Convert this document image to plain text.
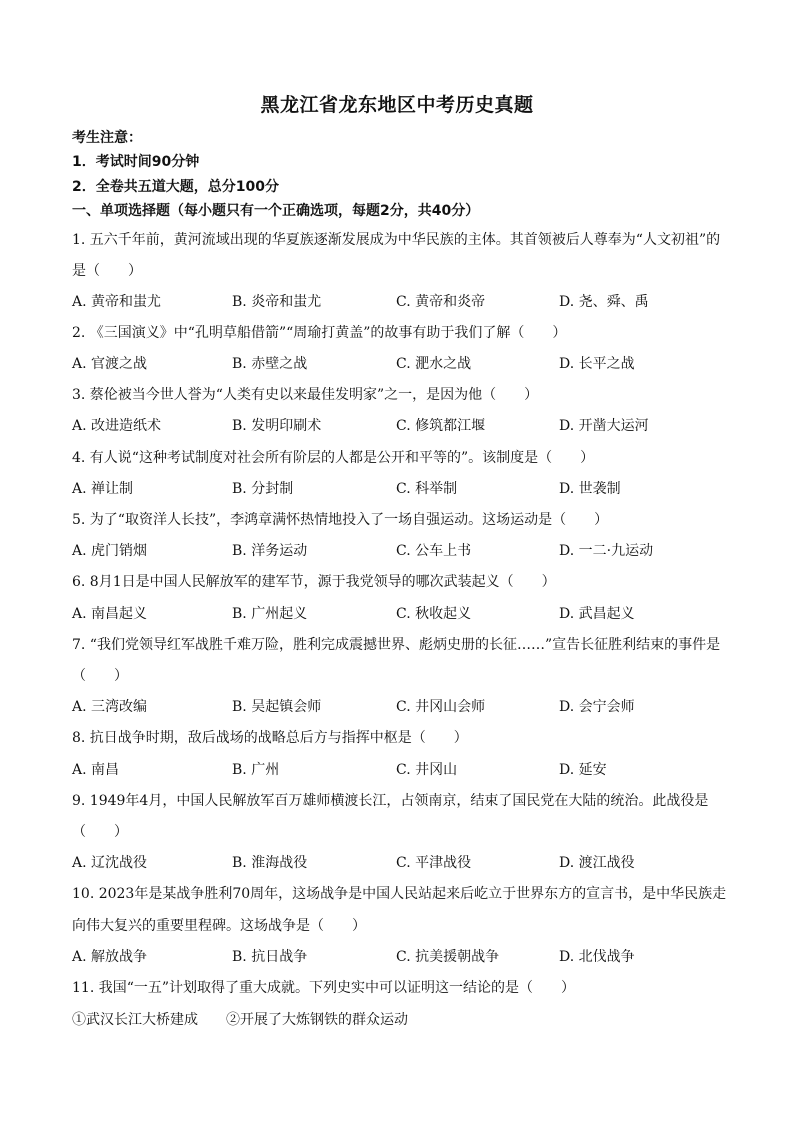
黑龙江省龙东地区中考历史真题
考生注意：
1．考试时间90分钟
2．全卷共五道大题，总分100分
一、单项选择题（每小题只有一个正确选项，每题2分，共40分）
1. 五六千年前，黄河流域出现的华夏族逐渐发展成为中华民族的主体。其首领被后人尊奉为“人文初祖”的
是（　　）
A. 黄帝和蚩尤	B. 炎帝和蚩尤	C. 黄帝和炎帝	D. 尧、舜、禹
2. 《三国演义》中“孔明草船借箭”“周瑜打黄盖”的故事有助于我们了解（　　）
A. 官渡之战	B. 赤壁之战	C. 淝水之战	D. 长平之战
3. 蔡伦被当今世人誉为“人类有史以来最佳发明家”之一，是因为他（　　）
A. 改进造纸术	B. 发明印刷术	C. 修筑都江堰	D. 开凿大运河
4. 有人说“这种考试制度对社会所有阶层的人都是公开和平等的”。该制度是（　　）
A. 禅让制	B. 分封制	C. 科举制	D. 世袭制
5. 为了“取资洋人长技”，李鸿章满怀热情地投入了一场自强运动。这场运动是（　　）
A. 虎门销烟	B. 洋务运动	C. 公车上书	D. 一二·九运动
6. 8月1日是中国人民解放军的建军节，源于我党领导的哪次武装起义（　　）
A. 南昌起义	B. 广州起义	C. 秋收起义	D. 武昌起义
7. “我们党领导红军战胜千难万险，胜利完成震撼世界、彪炳史册的长征……”宣告长征胜利结束的事件是
（　　）
A. 三湾改编	B. 吴起镇会师	C. 井冈山会师	D. 会宁会师
8. 抗日战争时期，敌后战场的战略总后方与指挥中枢是（　　）
A. 南昌	B. 广州	C. 井冈山	D. 延安
9. 1949年4月，中国人民解放军百万雄师横渡长江，占领南京，结束了国民党在大陆的统治。此战役是
（　　）
A. 辽沈战役	B. 淮海战役	C. 平津战役	D. 渡江战役
10. 2023年是某战争胜利70周年，这场战争是中国人民站起来后屹立于世界东方的宣言书，是中华民族走
向伟大复兴的重要里程碑。这场战争是（　　）
A. 解放战争	B. 抗日战争	C. 抗美援朝战争	D. 北伐战争
11. 我国“一五”计划取得了重大成就。下列史实中可以证明这一结论的是（　　）
①武汉长江大桥建成　　②开展了大炼钢铁的群众运动
